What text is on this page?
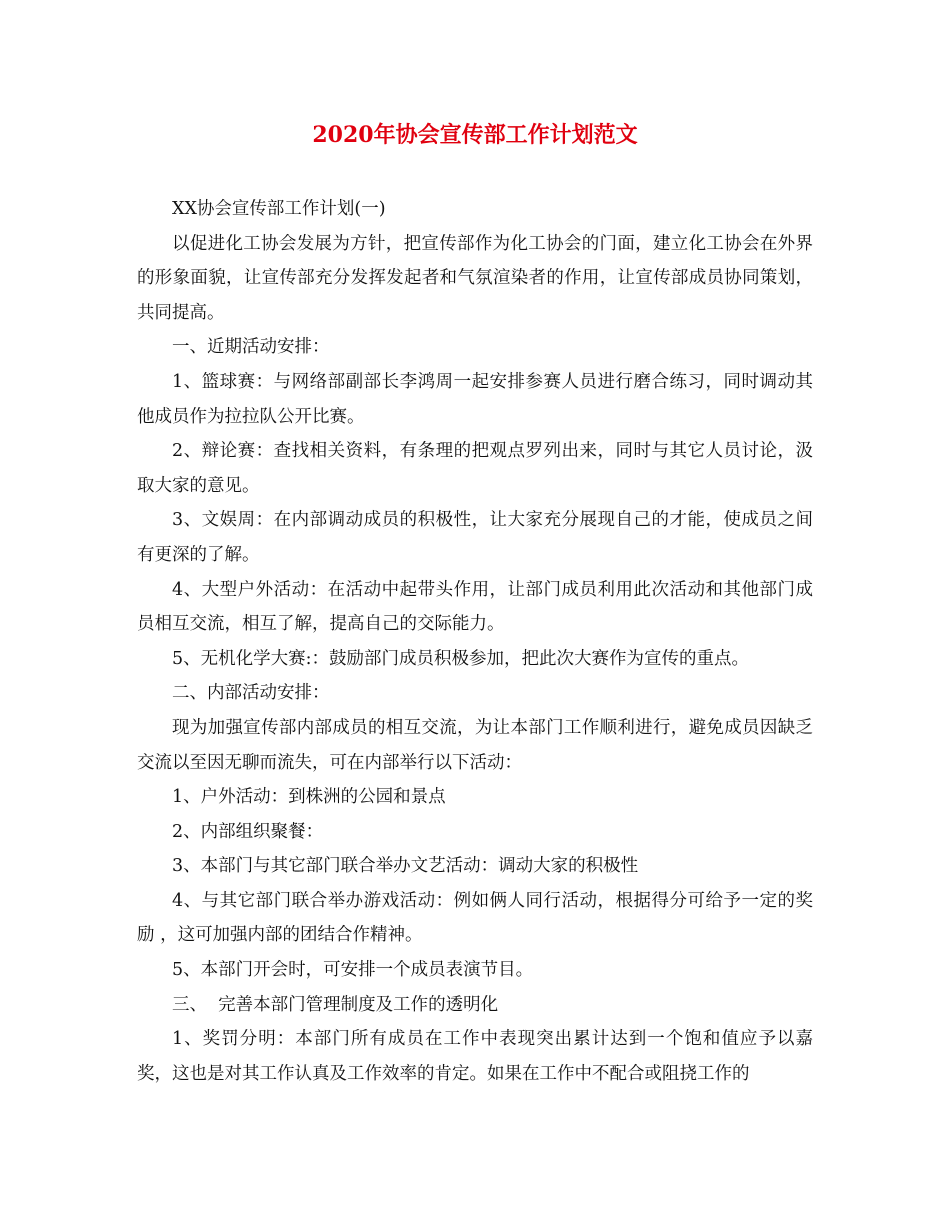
2020年协会宣传部工作计划范文

XX协会宣传部工作计划(一)

以促进化工协会发展为方针，把宣传部作为化工协会的门面，建立化工协会在外界的形象面貌，让宣传部充分发挥发起者和气氛渲染者的作用，让宣传部成员协同策划，共同提高。

一、近期活动安排：

1、篮球赛：与网络部副部长李鸿周一起安排参赛人员进行磨合练习，同时调动其他成员作为拉拉队公开比赛。

2、辩论赛：查找相关资料，有条理的把观点罗列出来，同时与其它人员讨论，汲取大家的意见。

3、文娱周：在内部调动成员的积极性，让大家充分展现自己的才能，使成员之间有更深的了解。

4、大型户外活动：在活动中起带头作用，让部门成员利用此次活动和其他部门成员相互交流，相互了解，提高自己的交际能力。

5、无机化学大赛:：鼓励部门成员积极参加，把此次大赛作为宣传的重点。

二、内部活动安排：

现为加强宣传部内部成员的相互交流，为让本部门工作顺利进行，避免成员因缺乏交流以至因无聊而流失，可在内部举行以下活动：

1、户外活动：到株洲的公园和景点

2、内部组织聚餐：

3、本部门与其它部门联合举办文艺活动：调动大家的积极性

4、与其它部门联合举办游戏活动：例如俩人同行活动，根据得分可给予一定的奖励 ，这可加强内部的团结合作精神。

5、本部门开会时，可安排一个成员表演节目。

三、  完善本部门管理制度及工作的透明化

1、奖罚分明：本部门所有成员在工作中表现突出累计达到一个饱和值应予以嘉奖，这也是对其工作认真及工作效率的肯定。如果在工作中不配合或阻挠工作的
